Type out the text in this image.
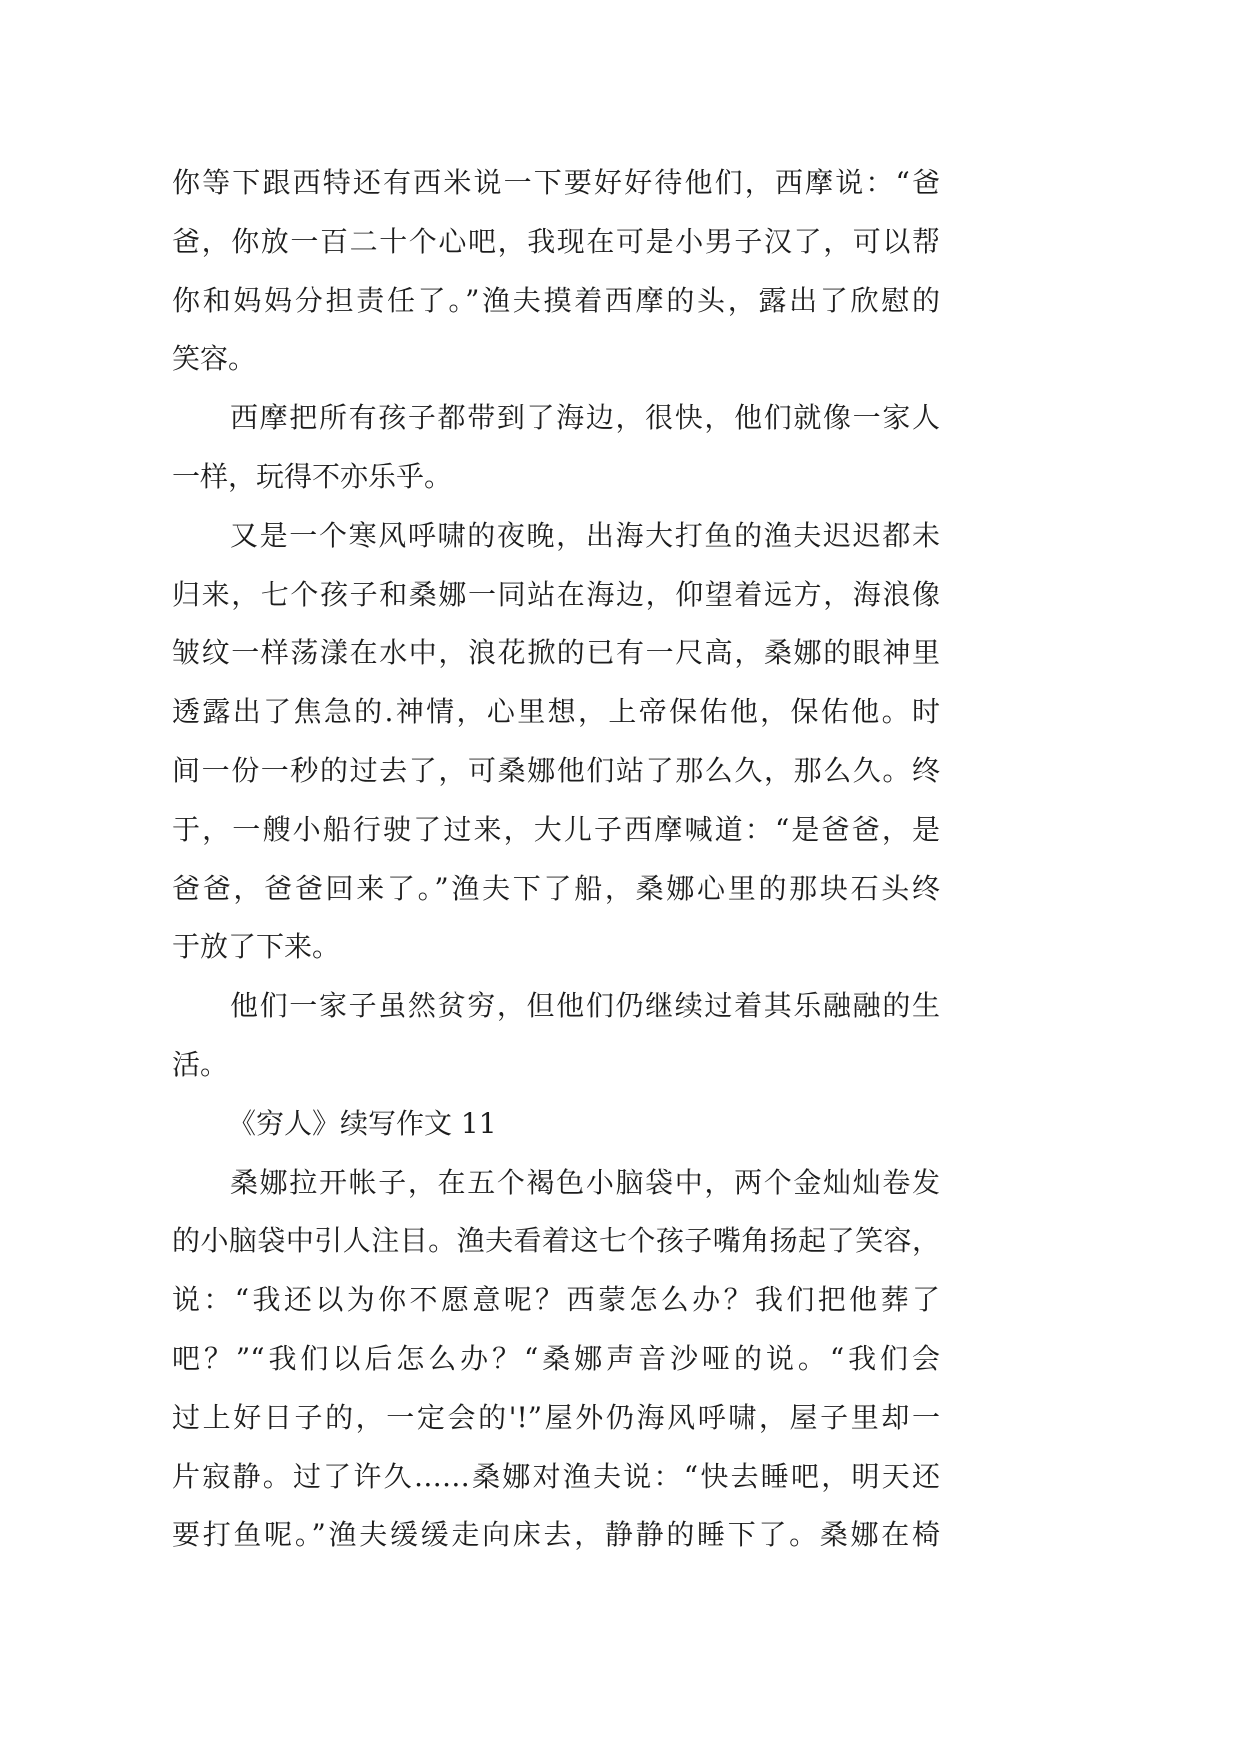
你等下跟西特还有西米说一下要好好待他们，西摩说：“爸
爸，你放一百二十个心吧，我现在可是小男子汉了，可以帮
你和妈妈分担责任了。”渔夫摸着西摩的头，露出了欣慰的
笑容。
西摩把所有孩子都带到了海边，很快，他们就像一家人
一样，玩得不亦乐乎。
又是一个寒风呼啸的夜晚，出海大打鱼的渔夫迟迟都未
归来，七个孩子和桑娜一同站在海边，仰望着远方，海浪像
皱纹一样荡漾在水中，浪花掀的已有一尺高，桑娜的眼神里
透露出了焦急的.神情，心里想，上帝保佑他，保佑他。时
间一份一秒的过去了，可桑娜他们站了那么久，那么久。终
于，一艘小船行驶了过来，大儿子西摩喊道：“是爸爸，是
爸爸，爸爸回来了。”渔夫下了船，桑娜心里的那块石头终
于放了下来。
他们一家子虽然贫穷，但他们仍继续过着其乐融融的生
活。
《穷人》续写作文 11
桑娜拉开帐子，在五个褐色小脑袋中，两个金灿灿卷发
的小脑袋中引人注目。渔夫看着这七个孩子嘴角扬起了笑容，
说：“我还以为你不愿意呢？西蒙怎么办？我们把他葬了
吧？”“我们以后怎么办？“桑娜声音沙哑的说。“我们会
过上好日子的，一定会的'!”屋外仍海风呼啸，屋子里却一
片寂静。过了许久……桑娜对渔夫说：“快去睡吧，明天还
要打鱼呢。”渔夫缓缓走向床去，静静的睡下了。桑娜在椅
